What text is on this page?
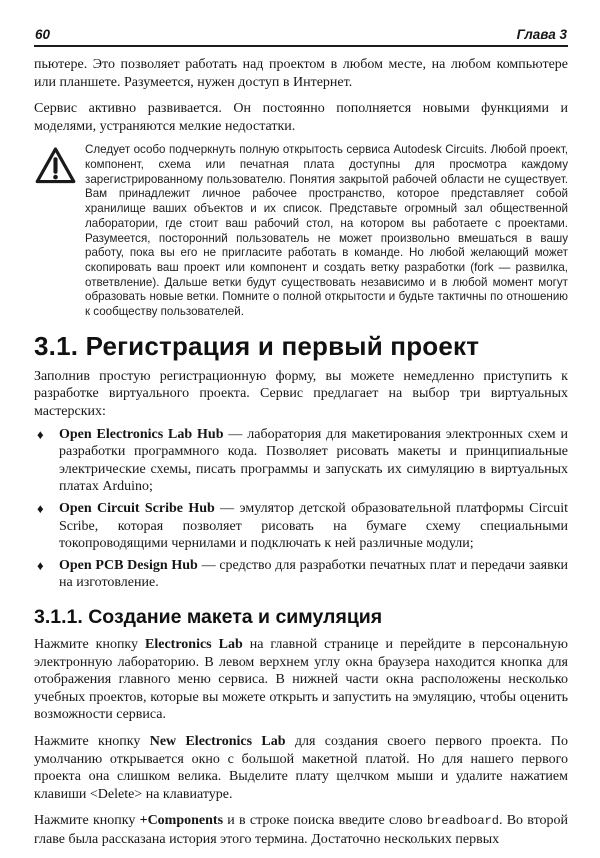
60	Глава 3

пьютере. Это позволяет работать над проектом в любом месте, на любом компьютере или планшете. Разумеется, нужен доступ в Интернет.

Сервис активно развивается. Он постоянно пополняется новыми функциями и моделями, устраняются мелкие недостатки.

Следует особо подчеркнуть полную открытость сервиса Autodesk Circuits. Любой проект, компонент, схема или печатная плата доступны для просмотра каждому зарегистрированному пользователю. Понятия закрытой рабочей области не существует. Вам принадлежит личное рабочее пространство, которое представляет собой хранилище ваших объектов и их список. Представьте огромный зал общественной лаборатории, где стоит ваш рабочий стол, на котором вы работаете с проектами. Разумеется, посторонний пользователь не может произвольно вмешаться в вашу работу, пока вы его не пригласите работать в команде. Но любой желающий может скопировать ваш проект или компонент и создать ветку разработки (fork — развилка, ответвление). Дальше ветки будут существовать независимо и в любой момент могут образовать новые ветки. Помните о полной открытости и будьте тактичны по отношению к сообществу пользователей.
3.1. Регистрация и первый проект

Заполнив простую регистрационную форму, вы можете немедленно приступить к разработке виртуального проекта. Сервис предлагает на выбор три виртуальных мастерских:

♦ Open Electronics Lab Hub — лаборатория для макетирования электронных схем и разработки программного кода. Позволяет рисовать макеты и принципиальные электрические схемы, писать программы и запускать их симуляцию в виртуальных платах Arduino;
♦ Open Circuit Scribe Hub — эмулятор детской образовательной платформы Circuit Scribe, которая позволяет рисовать на бумаге схему специальными токопроводящими чернилами и подключать к ней различные модули;
♦ Open PCB Design Hub — средство для разработки печатных плат и передачи заявки на изготовление.
3.1.1. Создание макета и симуляция

Нажмите кнопку Electronics Lab на главной странице и перейдите в персональную электронную лабораторию. В левом верхнем углу окна браузера находится кнопка для отображения главного меню сервиса. В нижней части окна расположены несколько учебных проектов, которые вы можете открыть и запустить на эмуляцию, чтобы оценить возможности сервиса.

Нажмите кнопку New Electronics Lab для создания своего первого проекта. По умолчанию открывается окно с большой макетной платой. Но для нашего первого проекта она слишком велика. Выделите плату щелчком мыши и удалите нажатием клавиши <Delete> на клавиатуре.

Нажмите кнопку +Components и в строке поиска введите слово breadboard. Во второй главе была рассказана история этого термина. Достаточно нескольких первых
